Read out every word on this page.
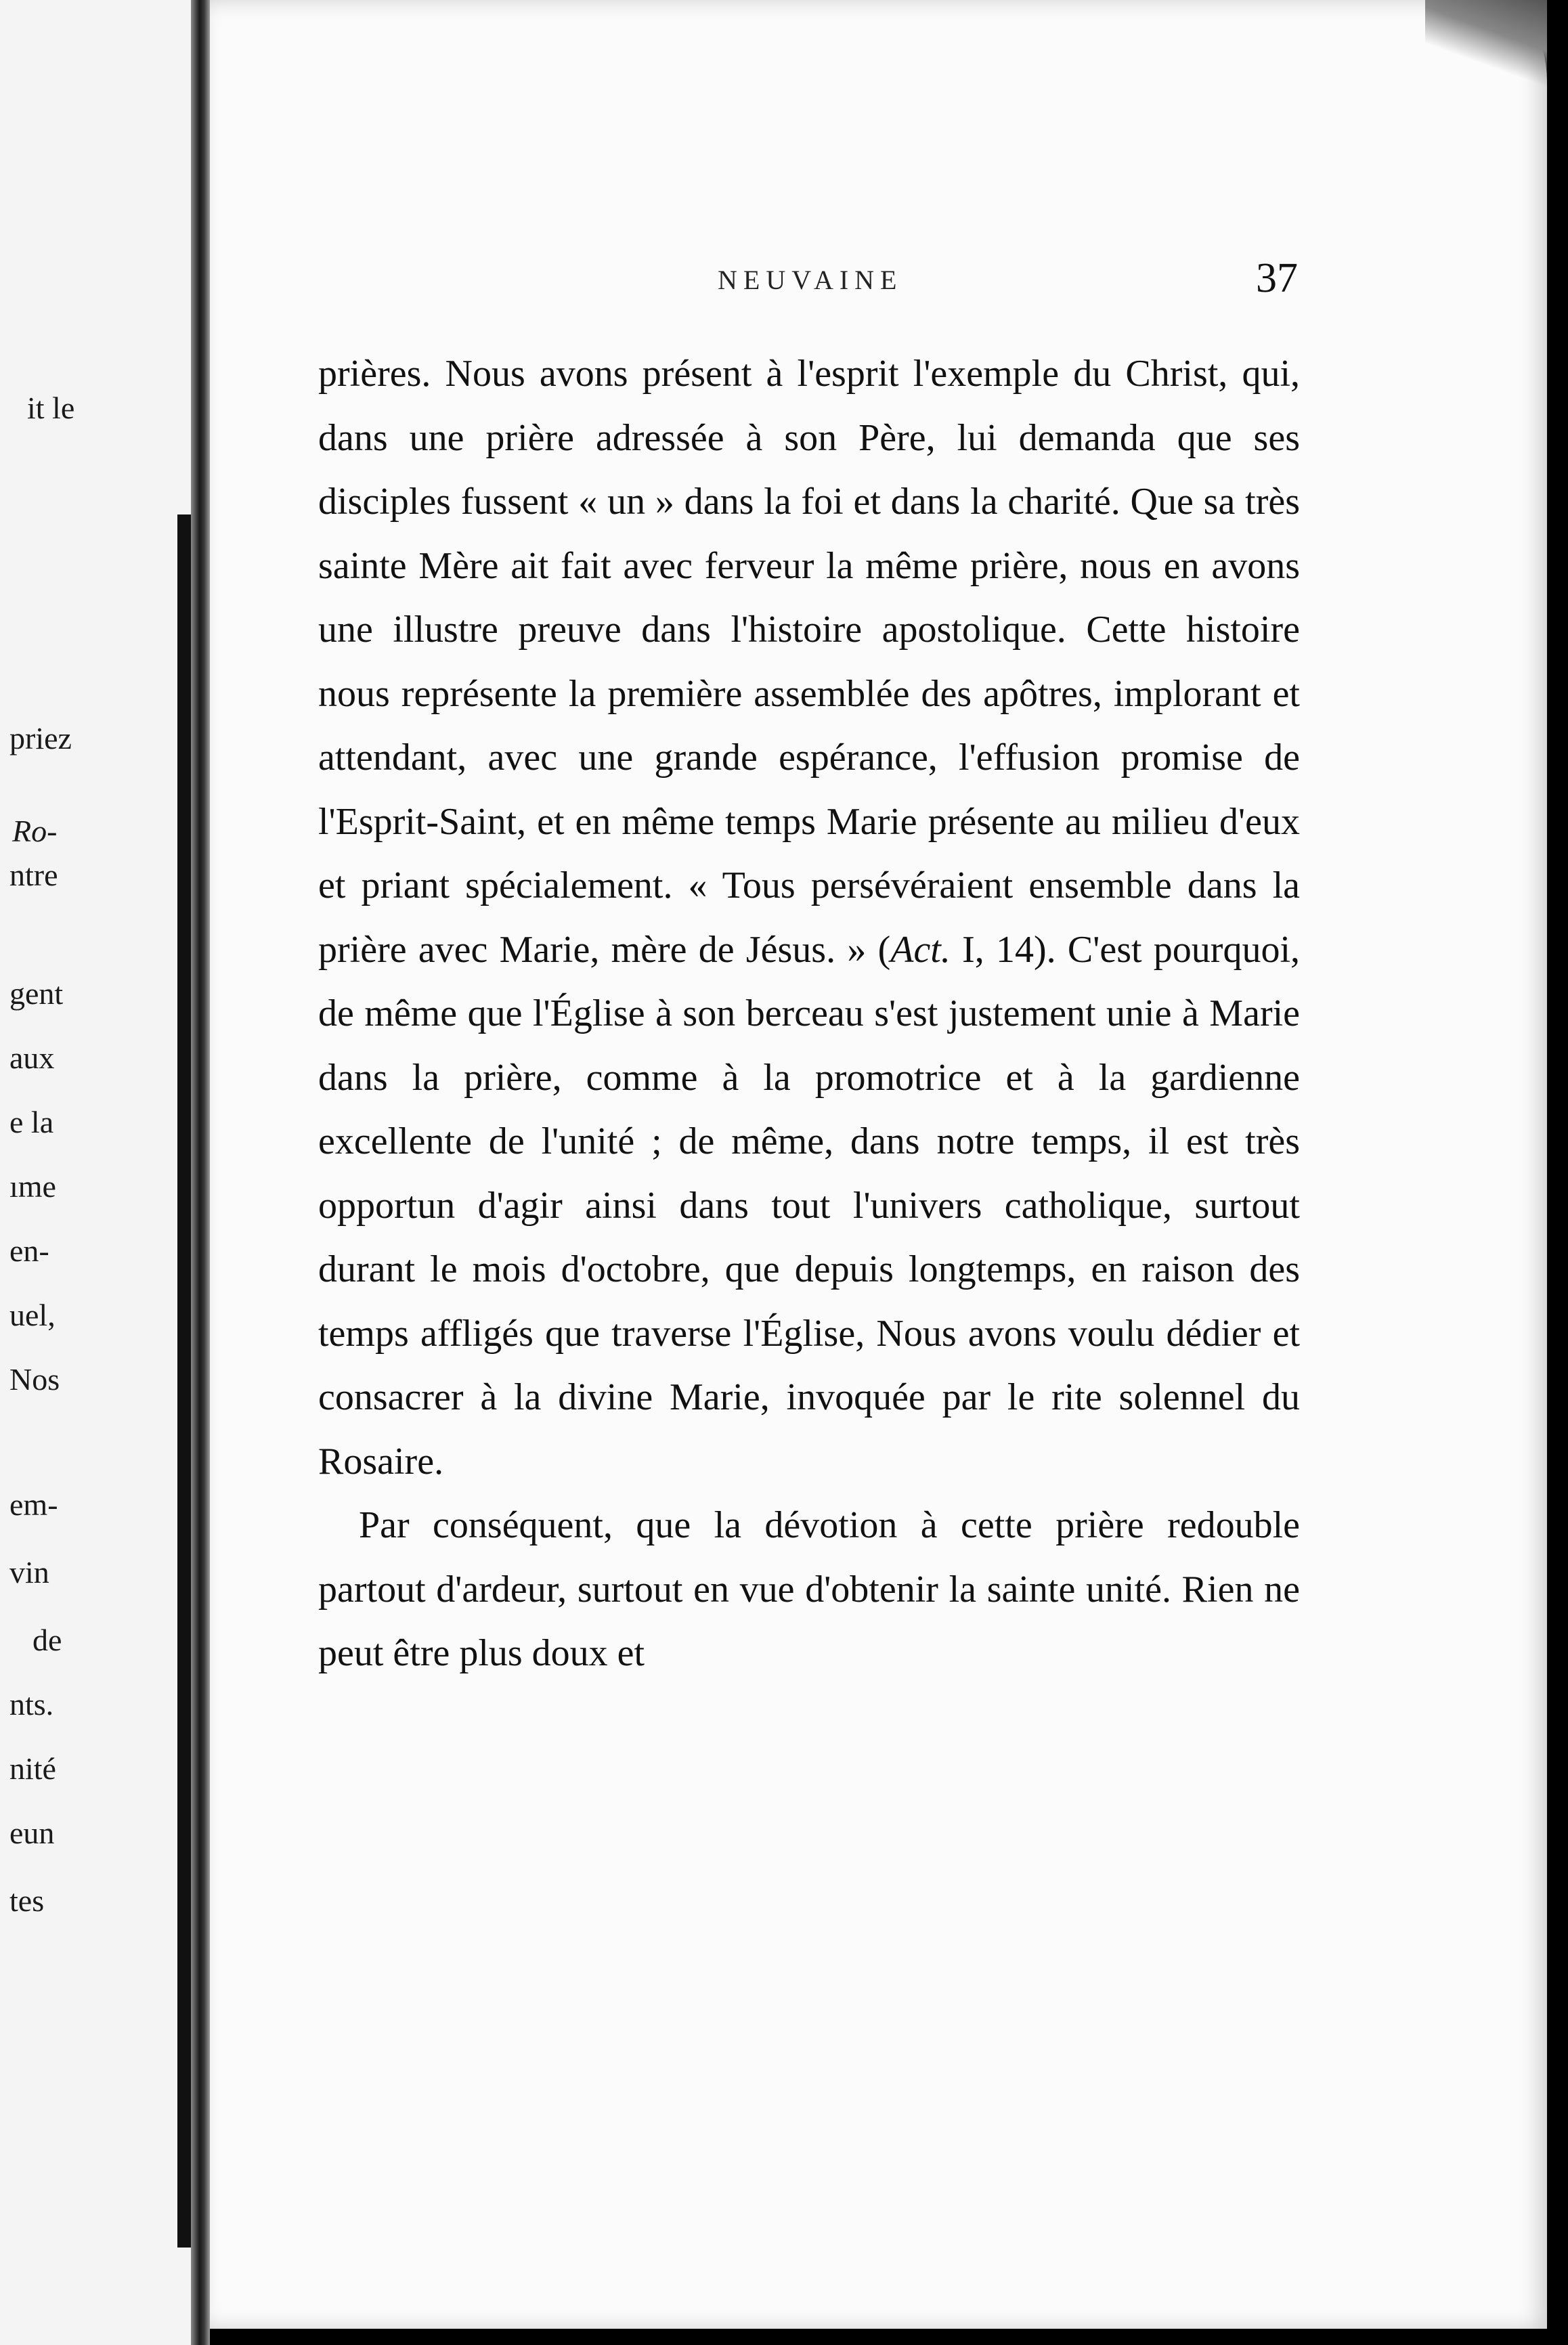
it le
priez
Ro-
ntre
gent
aux
e la
ıme
en-
uel,
Nos
em-
vin
de
nts.
nité
eun
tes
NEUVAINE	37

prières. Nous avons présent à l'esprit l'exemple du Christ, qui, dans une prière adressée à son Père, lui demanda que ses disciples fussent « un » dans la foi et dans la charité. Que sa très sainte Mère ait fait avec ferveur la même prière, nous en avons une illustre preuve dans l'histoire apostolique. Cette histoire nous représente la première assemblée des apôtres, implorant et attendant, avec une grande espérance, l'effusion promise de l'Esprit-Saint, et en même temps Marie présente au milieu d'eux et priant spécialement. « Tous persévéraient ensemble dans la prière avec Marie, mère de Jésus. » (Act. I, 14). C'est pourquoi, de même que l'Église à son berceau s'est justement unie à Marie dans la prière, comme à la promotrice et à la gardienne excellente de l'unité ; de même, dans notre temps, il est très opportun d'agir ainsi dans tout l'univers catholique, surtout durant le mois d'octobre, que depuis longtemps, en raison des temps affligés que traverse l'Église, Nous avons voulu dédier et consacrer à la divine Marie, invoquée par le rite solennel du Rosaire.

Par conséquent, que la dévotion à cette prière redouble partout d'ardeur, surtout en vue d'obtenir la sainte unité. Rien ne peut être plus doux et
